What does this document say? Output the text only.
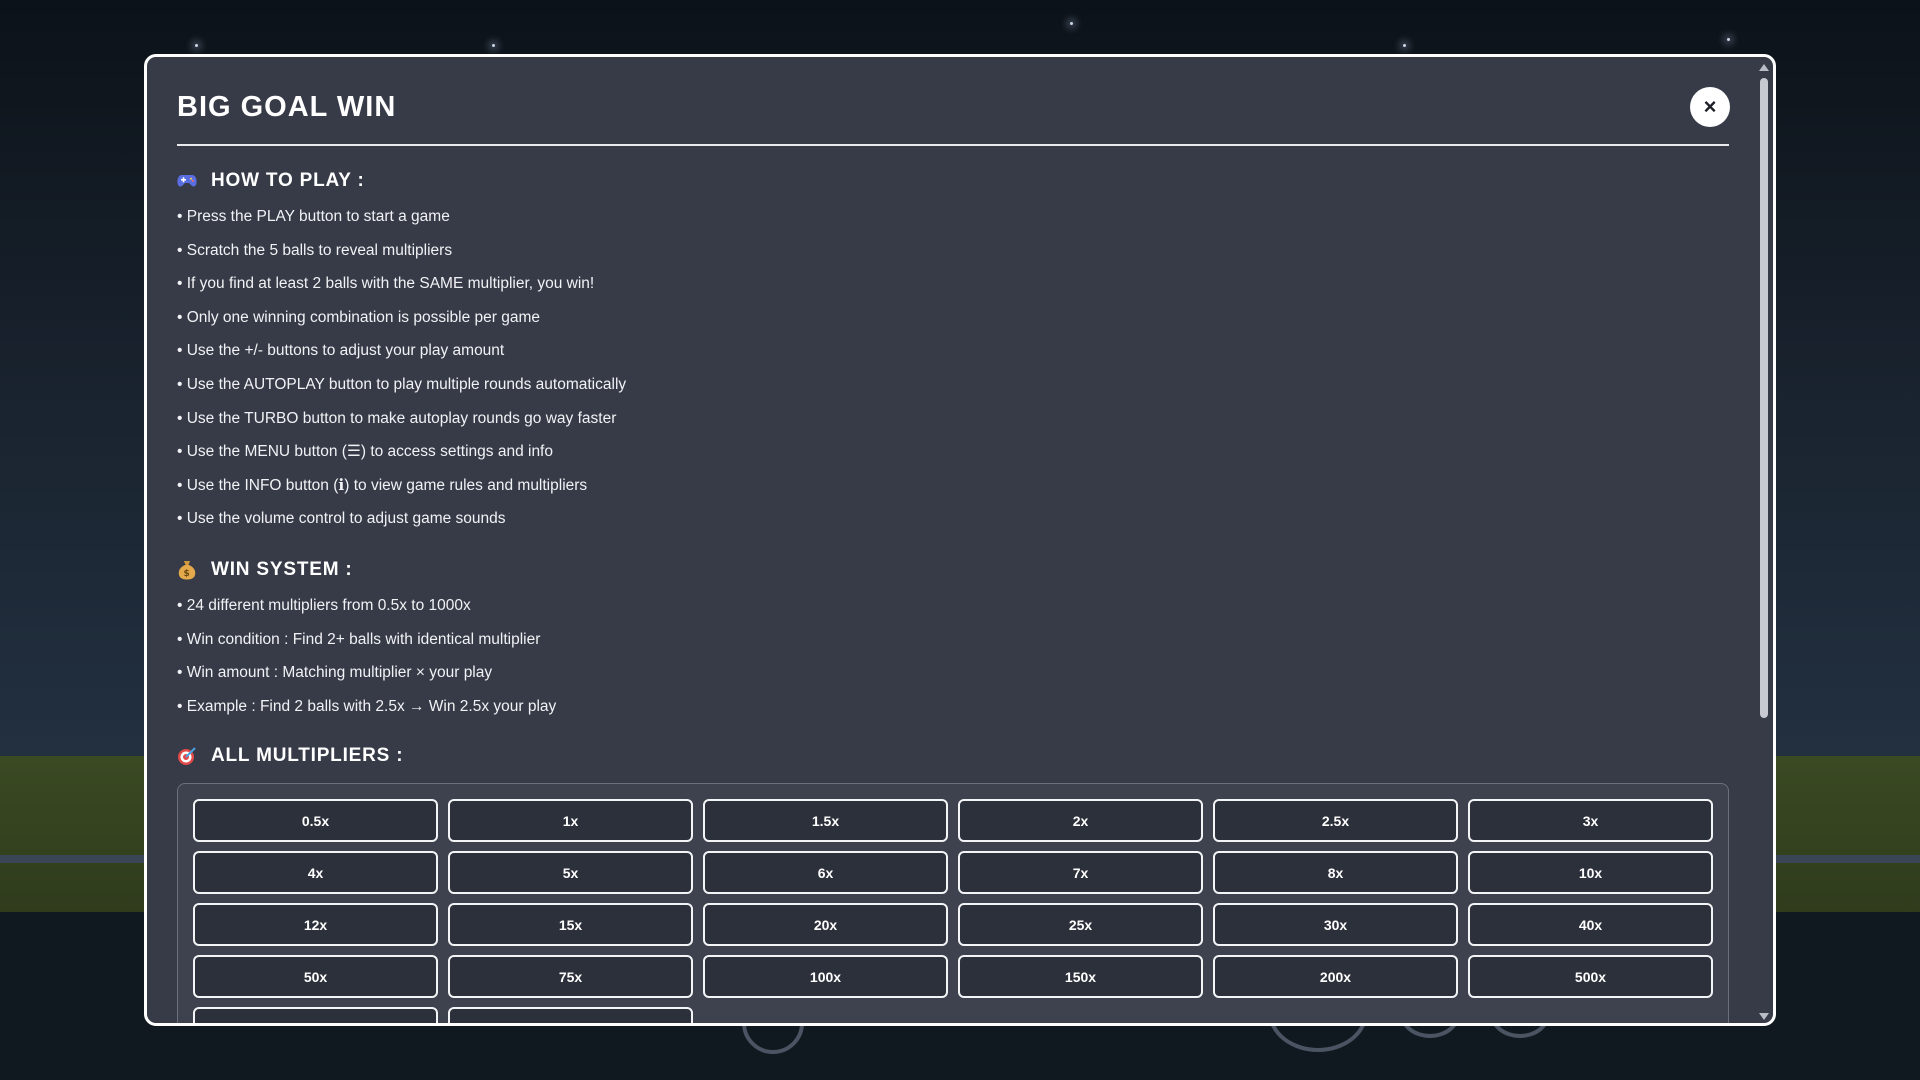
BIG GOAL WIN	×
HOW TO PLAY :
• Press the PLAY button to start a game
• Scratch the 5 balls to reveal multipliers
• If you find at least 2 balls with the SAME multiplier, you win!
• Only one winning combination is possible per game
• Use the +/- buttons to adjust your play amount
• Use the AUTOPLAY button to play multiple rounds automatically
• Use the TURBO button to make autoplay rounds go way faster
• Use the MENU button (☰) to access settings and info
• Use the INFO button (ℹ) to view game rules and multipliers
• Use the volume control to adjust game sounds
$ WIN SYSTEM :
• 24 different multipliers from 0.5x to 1000x
• Win condition : Find 2+ balls with identical multiplier
• Win amount : Matching multiplier × your play
• Example : Find 2 balls with 2.5x → Win 2.5x your play
ALL MULTIPLIERS :
0.5x	1x	1.5x	2x	2.5x	3x
4x	5x	6x	7x	8x	10x
12x	15x	20x	25x	30x	40x
50x	75x	100x	150x	200x	500x
